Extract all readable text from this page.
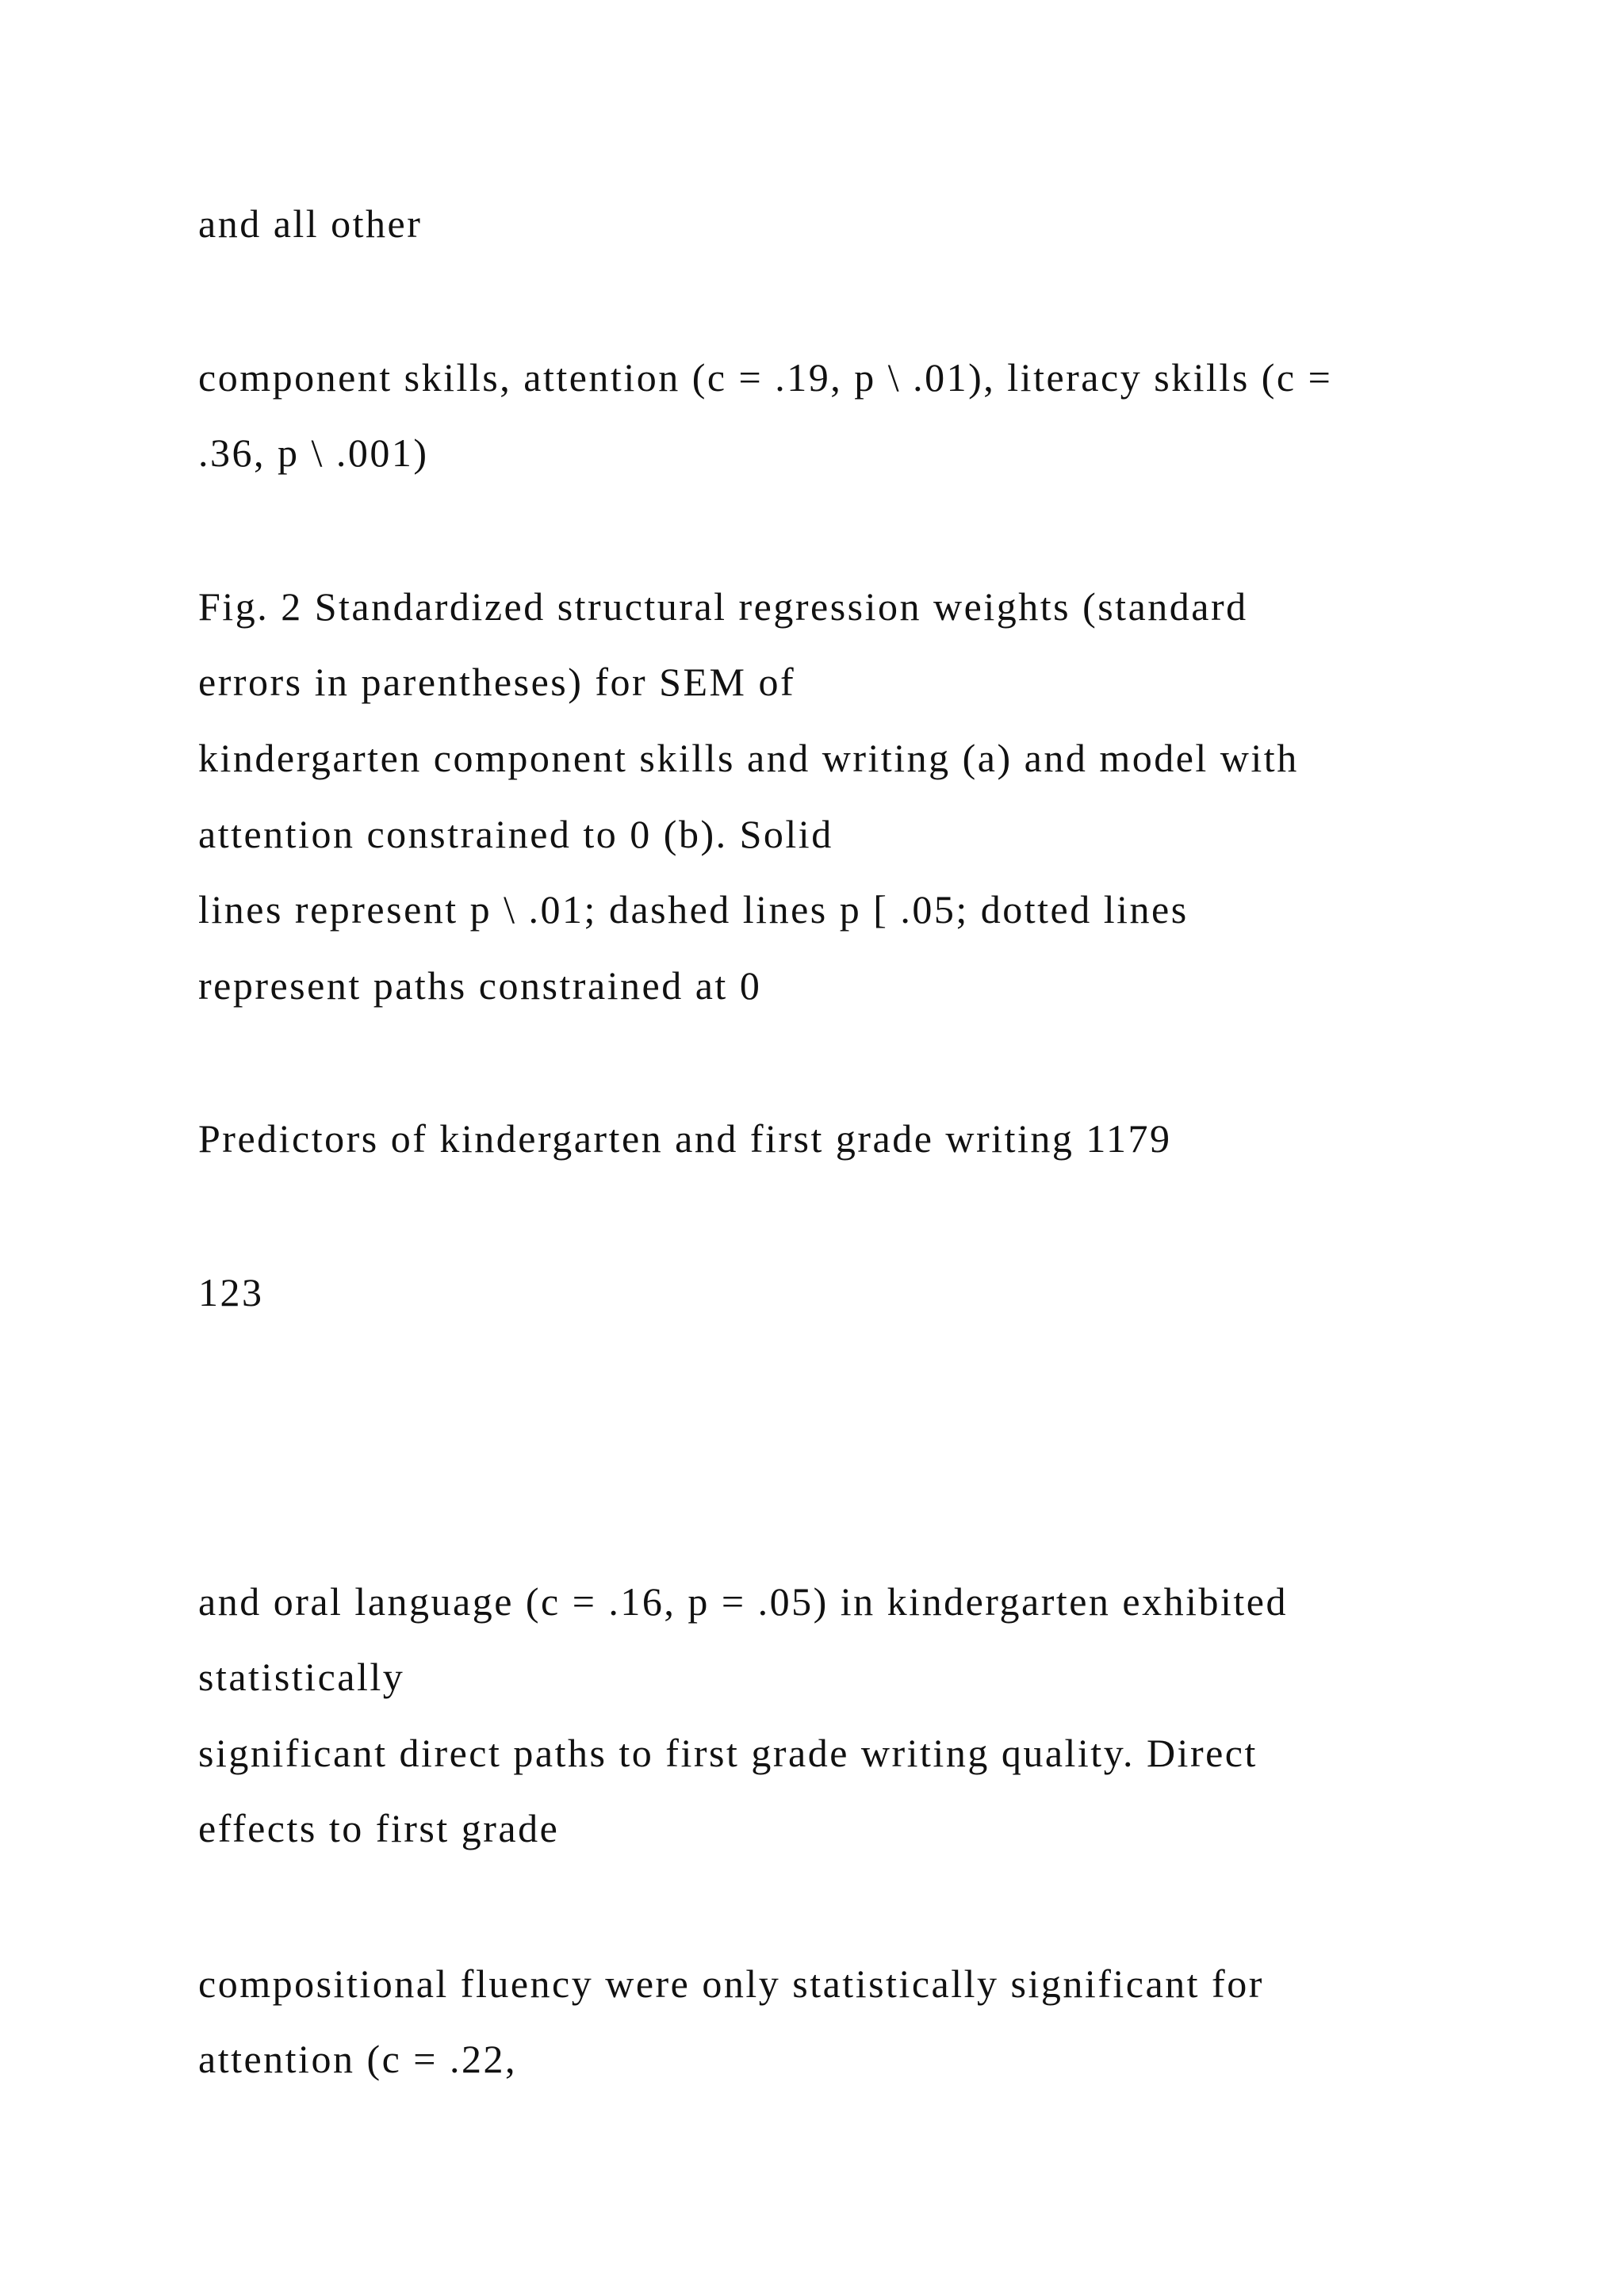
and all other
component skills, attention (c = .19, p \ .01), literacy skills (c =
.36, p \ .001)
Fig. 2 Standardized structural regression weights (standard
errors in parentheses) for SEM of
kindergarten component skills and writing (a) and model with
attention constrained to 0 (b). Solid
lines represent p \ .01; dashed lines p [ .05; dotted lines
represent paths constrained at 0
Predictors of kindergarten and first grade writing 1179
123
and oral language (c = .16, p = .05) in kindergarten exhibited
statistically
significant direct paths to first grade writing quality. Direct
effects to first grade
compositional fluency were only statistically significant for
attention (c = .22,
